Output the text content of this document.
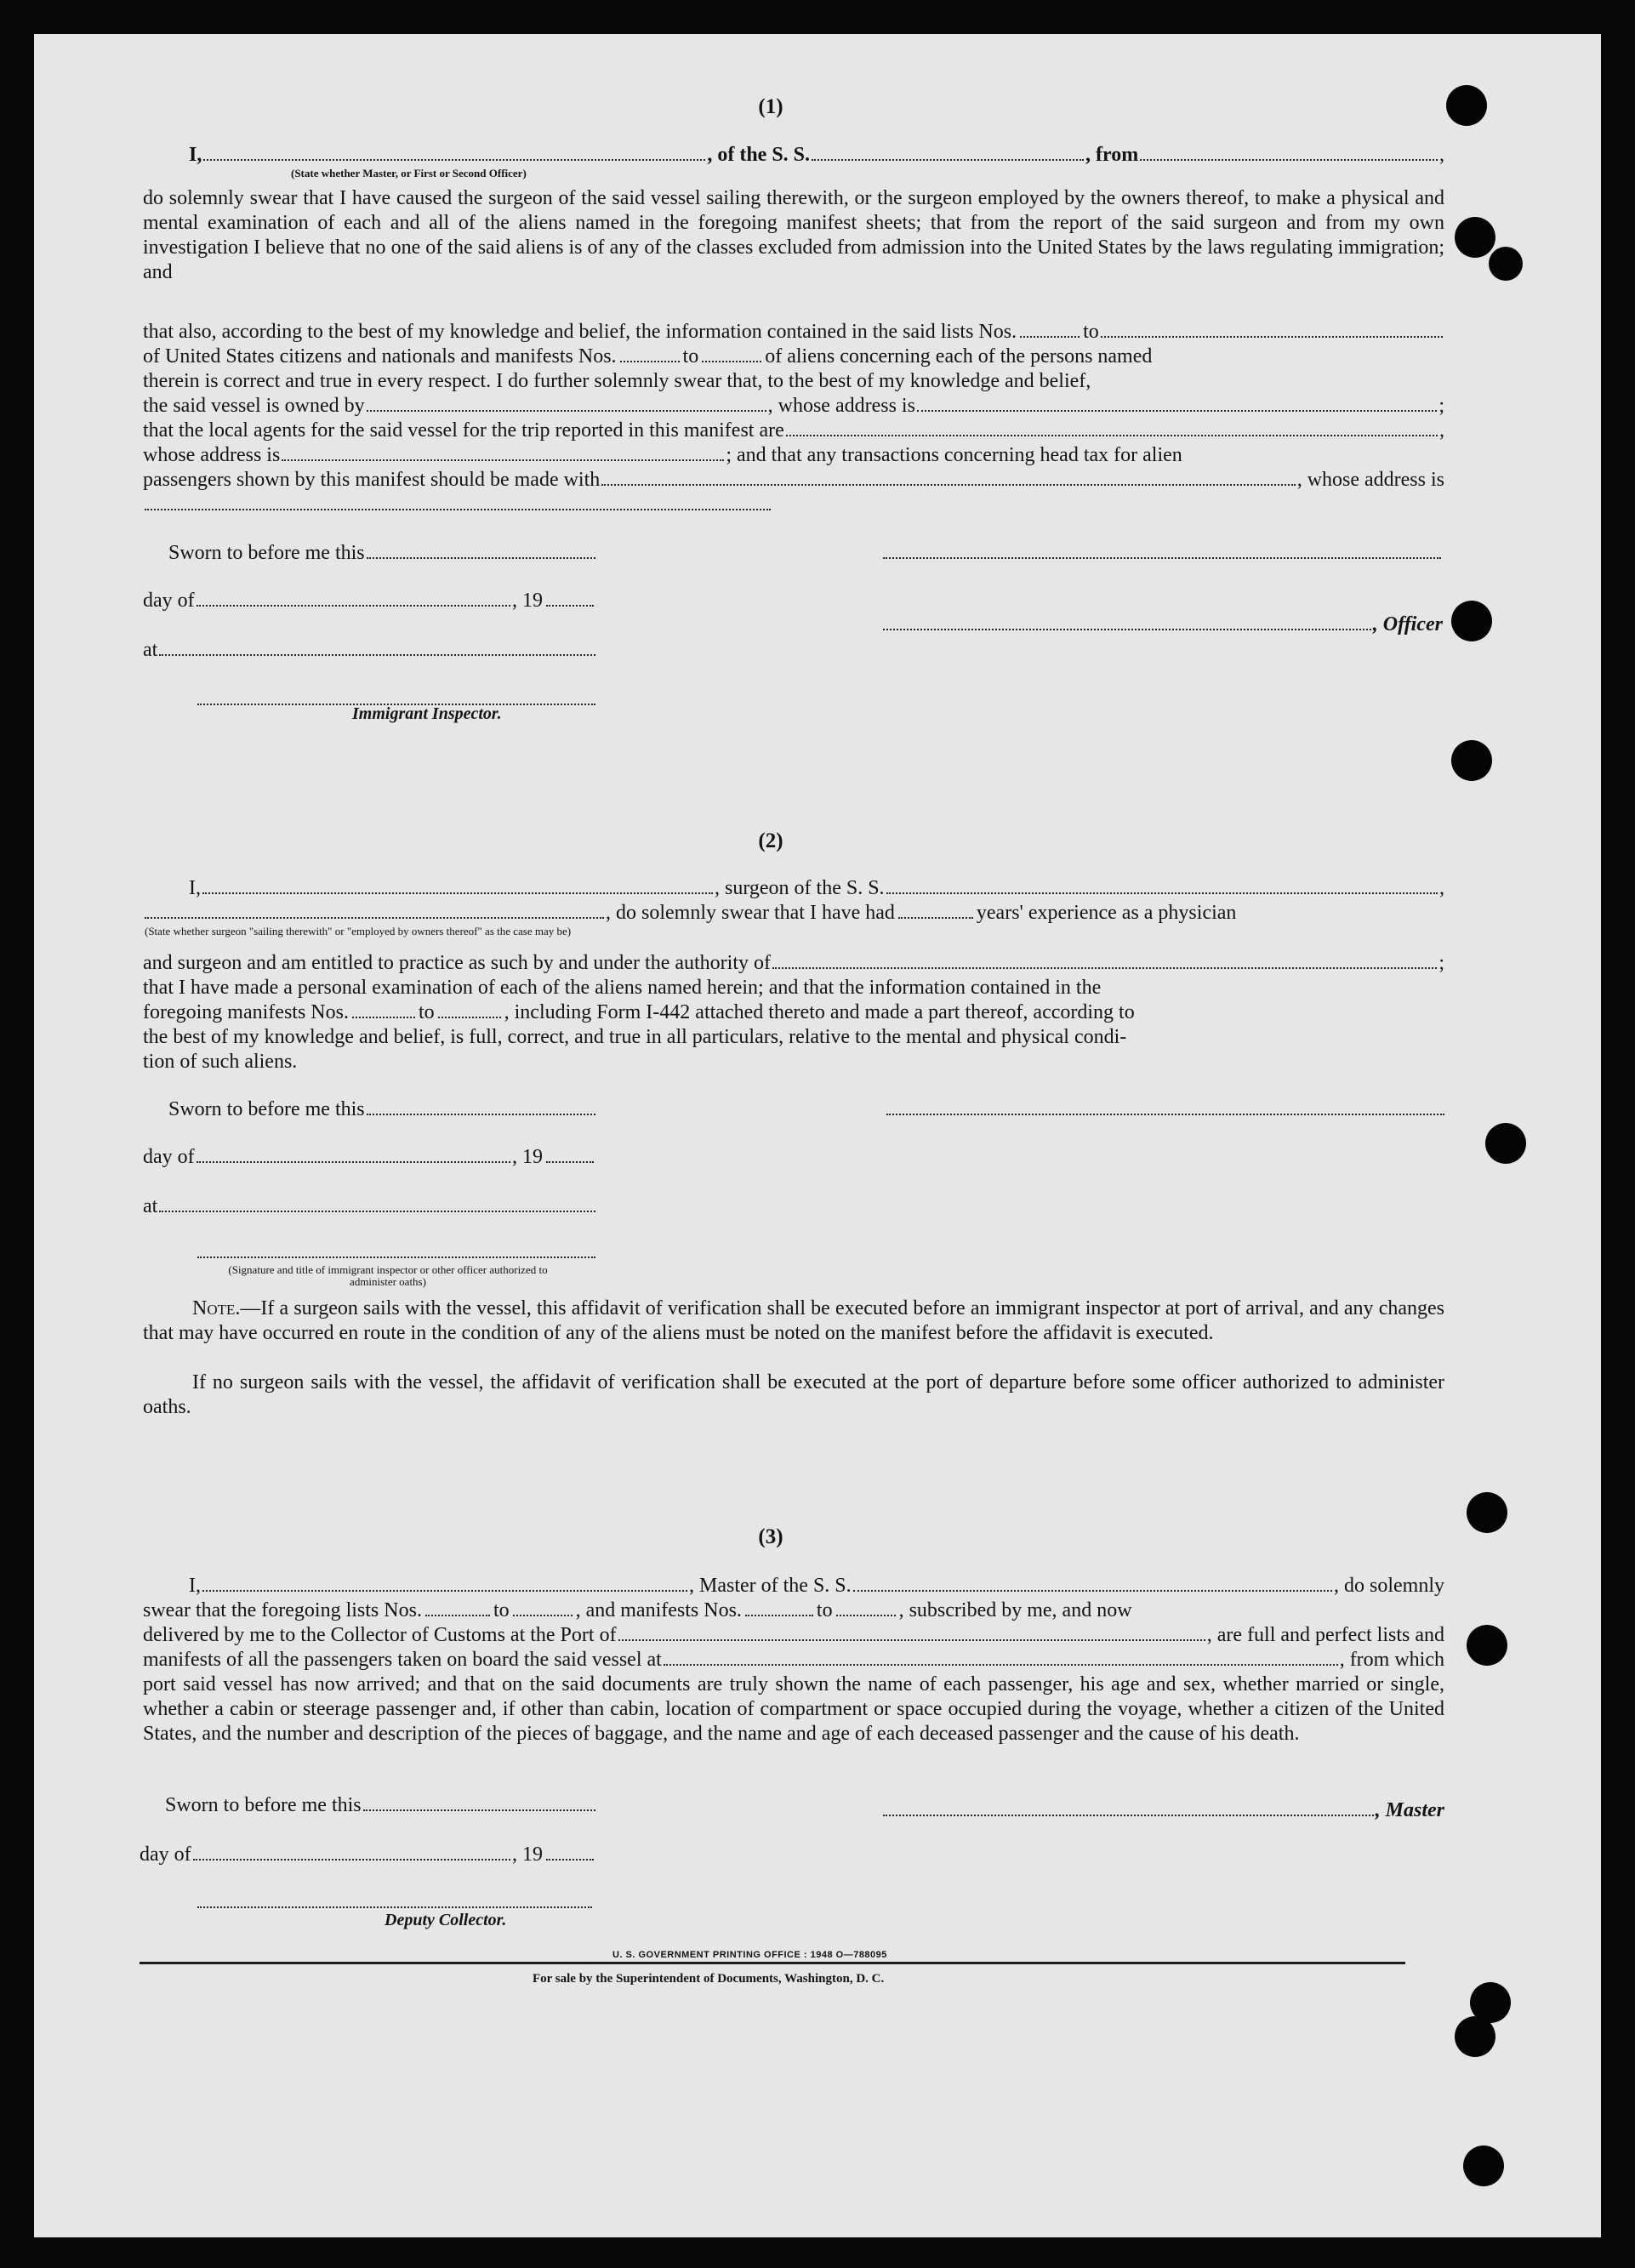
(1)
I,	, of the S. S.	, from	,
(State whether Master, or First or Second Officer)

do solemnly swear that I have caused the surgeon of the said vessel sailing therewith, or the surgeon employed by the owners thereof, to make a physical and mental examination of each and all of the aliens named in the foregoing manifest sheets; that from the report of the said surgeon and from my own investigation I believe that no one of the said aliens is of any of the classes excluded from admission into the United States by the laws regulating immigration; and

that also, according to the best of my knowledge and belief, the information contained in the said lists Nos.	to
of United States citizens and nationals and manifests Nos.	to	of aliens concerning each of the persons named
therein is correct and true in every respect. I do further solemnly swear that, to the best of my knowledge and belief,
the said vessel is owned by	, whose address is	;
that the local agents for the said vessel for the trip reported in this manifest are	,
whose address is	; and that any transactions concerning head tax for alien
passengers shown by this manifest should be made with	, whose address is
Sworn to before me this
day of	, 19
, Officer
at
Immigrant Inspector.
(2)
I,	, surgeon of the S. S.	,
, do solemnly swear that I have had	years' experience as a physician
(State whether surgeon "sailing therewith" or "employed by owners thereof" as the case may be)
and surgeon and am entitled to practice as such by and under the authority of	;
that I have made a personal examination of each of the aliens named herein; and that the information contained in the
foregoing manifests Nos.	to	, including Form I-442 attached thereto and made a part thereof, according to
the best of my knowledge and belief, is full, correct, and true in all particulars, relative to the mental and physical condi-
tion of such aliens.
Sworn to before me this
day of	, 19
at
(Signature and title of immigrant inspector or other officer authorized to administer oaths)

Note.—If a surgeon sails with the vessel, this affidavit of verification shall be executed before an immigrant inspector at port of arrival, and any changes that may have occurred en route in the condition of any of the aliens must be noted on the manifest before the affidavit is executed.

If no surgeon sails with the vessel, the affidavit of verification shall be executed at the port of departure before some officer authorized to administer oaths.

(3)
I,	, Master of the S. S.	, do solemnly
swear that the foregoing lists Nos.	to	, and manifests Nos.	to	, subscribed by me, and now
delivered by me to the Collector of Customs at the Port of	, are full and perfect lists and
manifests of all the passengers taken on board the said vessel at	, from which

port said vessel has now arrived; and that on the said documents are truly shown the name of each passenger, his age and sex, whether married or single, whether a cabin or steerage passenger and, if other than cabin, location of compartment or space occupied during the voyage, whether a citizen of the United States, and the number and description of the pieces of baggage, and the name and age of each deceased passenger and the cause of his death.

Sworn to before me this	, Master
day of	, 19
Deputy Collector.
U. S. GOVERNMENT PRINTING OFFICE : 1948 O—788095
For sale by the Superintendent of Documents, Washington, D. C.
